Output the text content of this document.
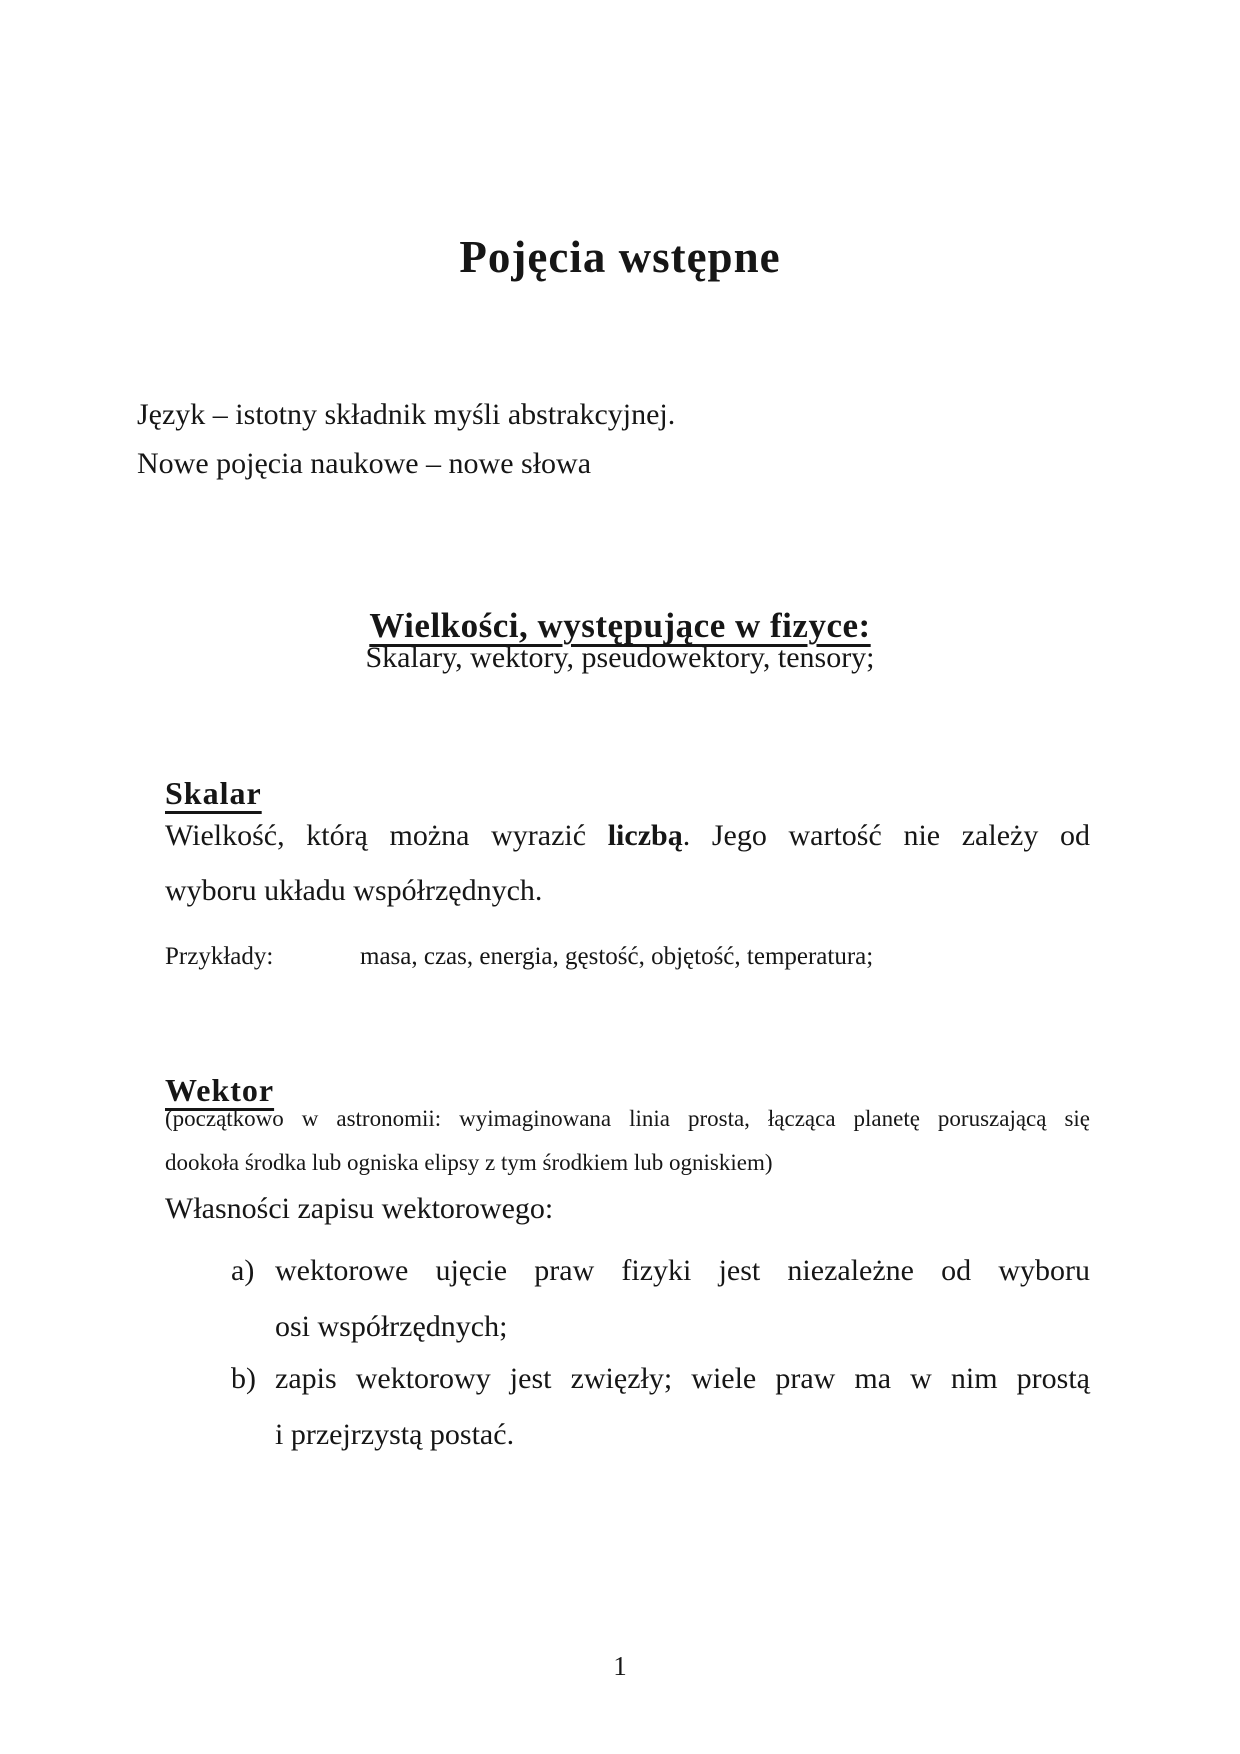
Pojęcia wstępne

Język – istotny składnik myśli abstrakcyjnej.
Nowe pojęcia naukowe – nowe słowa

Wielkości, występujące w fizyce:
Skalary, wektory, pseudowektory, tensory;
Skalar
Wielkość, którą można wyrazić liczbą. Jego wartość nie zależy od
wyboru układu współrzędnych.
Przykłady:	masa, czas, energia, gęstość, objętość, temperatura;
Wektor
(początkowo w astronomii: wyimaginowana linia prosta, łącząca planetę poruszającą się
dookoła środka lub ogniska elipsy z tym środkiem lub ogniskiem)
Własności zapisu wektorowego:
a) wektorowe ujęcie praw fizyki jest niezależne od wyboru
osi współrzędnych;
b) zapis wektorowy jest zwięzły; wiele praw ma w nim prostą
i przejrzystą postać.
1
